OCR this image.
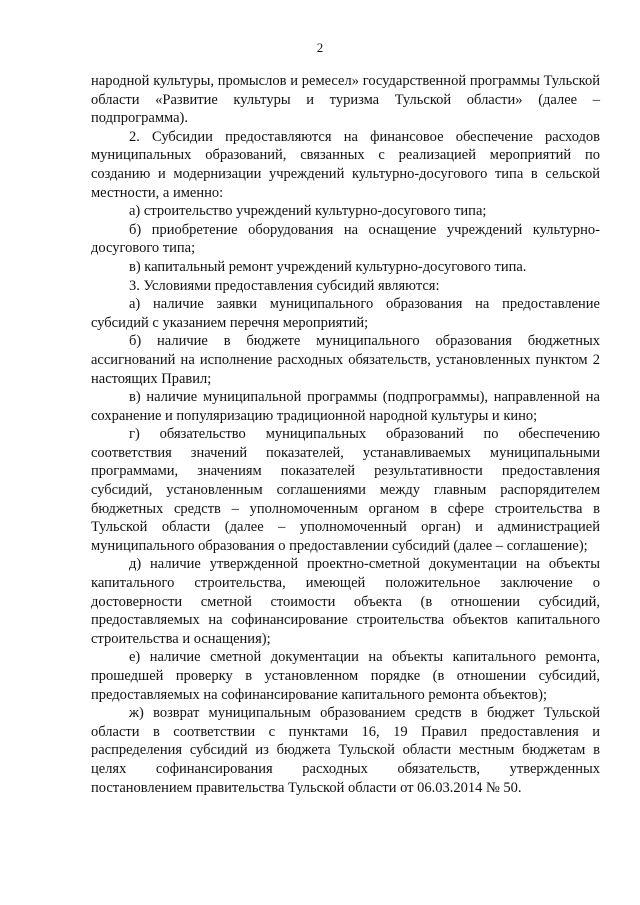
2

народной культуры, промыслов и ремесел» государственной программы Тульской области «Развитие культуры и туризма Тульской области» (далее – подпрограмма).

2. Субсидии предоставляются на финансовое обеспечение расходов муниципальных образований, связанных с реализацией мероприятий по созданию и модернизации учреждений культурно-досугового типа в сельской местности, а именно:

а) строительство учреждений культурно-досугового типа;

б) приобретение оборудования на оснащение учреждений культурно-досугового типа;

в) капитальный ремонт учреждений культурно-досугового типа.

3. Условиями предоставления субсидий являются:

а) наличие заявки муниципального образования на предоставление субсидий с указанием перечня мероприятий;

б) наличие в бюджете муниципального образования бюджетных ассигнований на исполнение расходных обязательств, установленных пунктом 2 настоящих Правил;

в) наличие муниципальной программы (подпрограммы), направленной на сохранение и популяризацию традиционной народной культуры и кино;

г) обязательство муниципальных образований по обеспечению соответствия значений показателей, устанавливаемых муниципальными программами, значениям показателей результативности предоставления субсидий, установленным соглашениями между главным распорядителем бюджетных средств – уполномоченным органом в сфере строительства в Тульской области (далее – уполномоченный орган) и администрацией муниципального образования о предоставлении субсидий (далее – соглашение);

д) наличие утвержденной проектно-сметной документации на объекты капитального строительства, имеющей положительное заключение о достоверности сметной стоимости объекта (в отношении субсидий, предоставляемых на софинансирование строительства объектов капитального строительства и оснащения);

е) наличие сметной документации на объекты капитального ремонта, прошедшей проверку в установленном порядке (в отношении субсидий, предоставляемых на софинансирование капитального ремонта объектов);

ж) возврат муниципальным образованием средств в бюджет Тульской области в соответствии с пунктами 16, 19 Правил предоставления и распределения субсидий из бюджета Тульской области местным бюджетам в целях софинансирования расходных обязательств, утвержденных постановлением правительства Тульской области от 06.03.2014 № 50.
